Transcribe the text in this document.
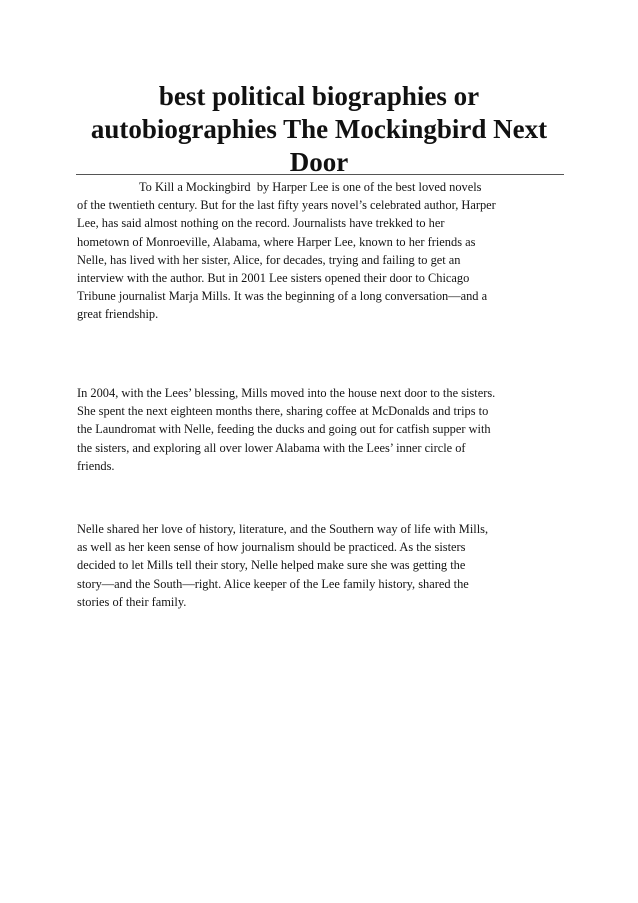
best political biographies or
autobiographies The Mockingbird Next
Door

To Kill a Mockingbird  by Harper Lee is one of the best loved novels
of the twentieth century. But for the last fifty years novel’s celebrated author, Harper
Lee, has said almost nothing on the record. Journalists have trekked to her
hometown of Monroeville, Alabama, where Harper Lee, known to her friends as
Nelle, has lived with her sister, Alice, for decades, trying and failing to get an
interview with the author. But in 2001 Lee sisters opened their door to Chicago
Tribune journalist Marja Mills. It was the beginning of a long conversation—and a
great friendship.

In 2004, with the Lees’ blessing, Mills moved into the house next door to the sisters.
She spent the next eighteen months there, sharing coffee at McDonalds and trips to
the Laundromat with Nelle, feeding the ducks and going out for catfish supper with
the sisters, and exploring all over lower Alabama with the Lees’ inner circle of
friends.

Nelle shared her love of history, literature, and the Southern way of life with Mills,
as well as her keen sense of how journalism should be practiced. As the sisters
decided to let Mills tell their story, Nelle helped make sure she was getting the
story—and the South—right. Alice keeper of the Lee family history, shared the
stories of their family.
